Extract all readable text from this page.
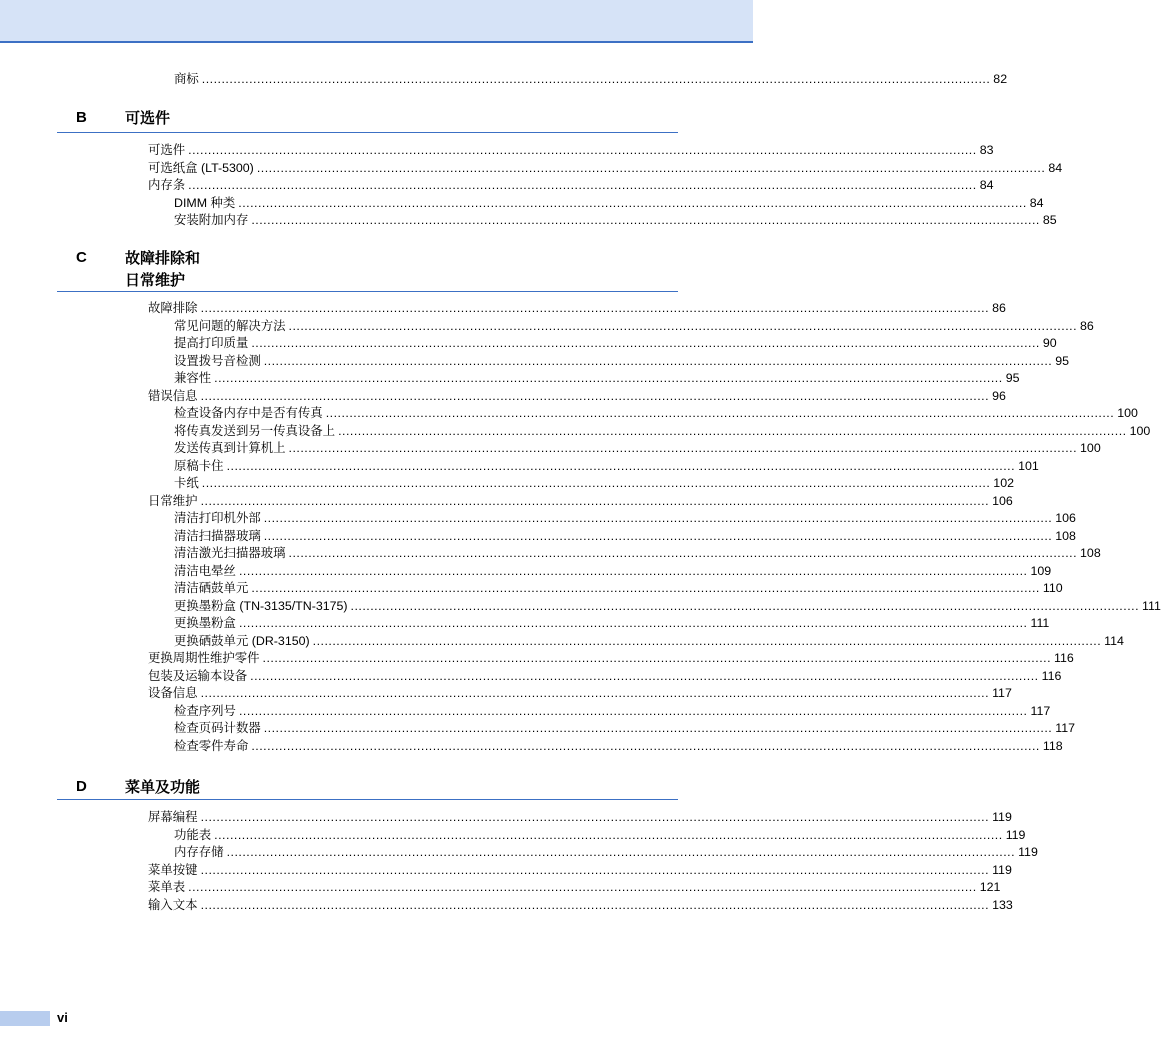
商标 ........................................................................................................................................................................................................ 82
B	可选件
可选件 ........................................................................................................................................................................................................ 83
可选纸盒 (LT-5300) ........................................................................................................................................................................................................ 84
内存条 ........................................................................................................................................................................................................ 84
DIMM 种类 ........................................................................................................................................................................................................ 84
安装附加内存 ........................................................................................................................................................................................................ 85
C	故障排除和
日常维护
故障排除 ........................................................................................................................................................................................................ 86
常见问题的解决方法 ........................................................................................................................................................................................................ 86
提高打印质量 ........................................................................................................................................................................................................ 90
设置拨号音检测 ........................................................................................................................................................................................................ 95
兼容性 ........................................................................................................................................................................................................ 95
错误信息 ........................................................................................................................................................................................................ 96
检查设备内存中是否有传真 ........................................................................................................................................................................................................ 100
将传真发送到另一传真设备上 ........................................................................................................................................................................................................ 100
发送传真到计算机上 ........................................................................................................................................................................................................ 100
原稿卡住 ........................................................................................................................................................................................................ 101
卡纸 ........................................................................................................................................................................................................ 102
日常维护 ........................................................................................................................................................................................................ 106
清洁打印机外部 ........................................................................................................................................................................................................ 106
清洁扫描器玻璃 ........................................................................................................................................................................................................ 108
清洁激光扫描器玻璃 ........................................................................................................................................................................................................ 108
清洁电晕丝 ........................................................................................................................................................................................................ 109
清洁硒鼓单元 ........................................................................................................................................................................................................ 110
更换墨粉盒 (TN-3135/TN-3175) ........................................................................................................................................................................................................ 111
更换墨粉盒 ........................................................................................................................................................................................................ 111
更换硒鼓单元 (DR-3150) ........................................................................................................................................................................................................ 114
更换周期性维护零件 ........................................................................................................................................................................................................ 116
包装及运输本设备 ........................................................................................................................................................................................................ 116
设备信息 ........................................................................................................................................................................................................ 117
检查序列号 ........................................................................................................................................................................................................ 117
检查页码计数器 ........................................................................................................................................................................................................ 117
检查零件寿命 ........................................................................................................................................................................................................ 118
D	菜单及功能
屏幕编程 ........................................................................................................................................................................................................ 119
功能表 ........................................................................................................................................................................................................ 119
内存存储 ........................................................................................................................................................................................................ 119
菜单按键 ........................................................................................................................................................................................................ 119
菜单表 ........................................................................................................................................................................................................ 121
输入文本 ........................................................................................................................................................................................................ 133
vi
